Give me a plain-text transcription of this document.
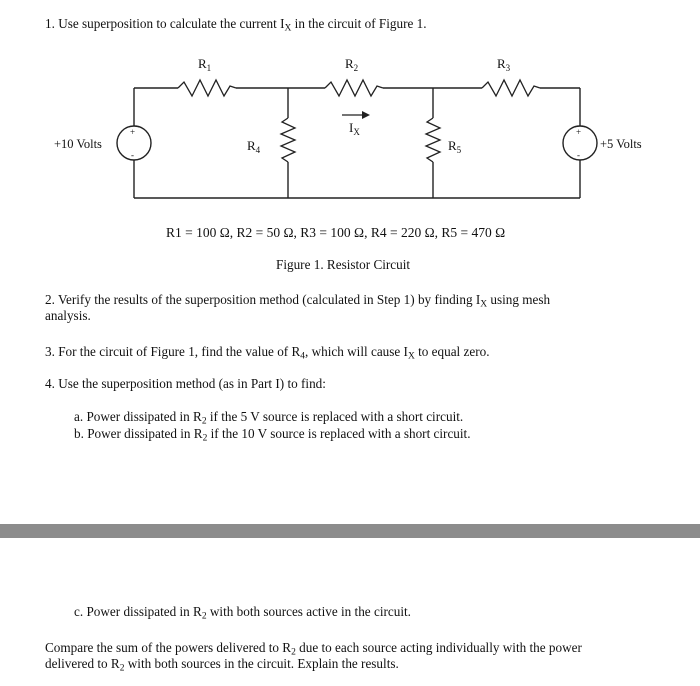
1. Use superposition to calculate the current $I_X$ in the circuit of Figure 1.
+
-
+
-
$R_1$	$R_2$	$R_3$
$R_4$	$R_5$
$I_X$
+10 Volts	+5 Volts
R1 = 100 Ω, R2 = 50 Ω, R3 = 100 Ω, R4 = 220 Ω, R5 = 470 Ω
Figure 1. Resistor Circuit
2. Verify the results of the superposition method (calculated in Step 1) by finding $I_X$ using mesh
analysis.
3. For the circuit of Figure 1, find the value of $R_4$, which will cause $I_X$ to equal zero.
4. Use the superposition method (as in Part I) to find:
a. Power dissipated in $R_2$ if the 5 V source is replaced with a short circuit.
b. Power dissipated in $R_2$ if the 10 V source is replaced with a short circuit.
c. Power dissipated in $R_2$ with both sources active in the circuit.
Compare the sum of the powers delivered to $R_2$ due to each source acting individually with the power
delivered to $R_2$ with both sources in the circuit. Explain the results.
